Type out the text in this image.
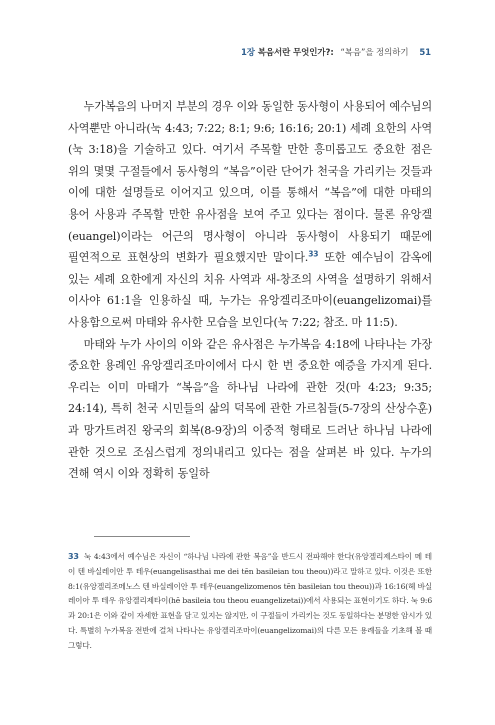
1장 복음서란 무엇인가?: “복음”을 정의하기 51

누가복음의 나머지 부분의 경우 이와 동일한 동사형이 사용되어 예수님의 사역뿐만 아니라(눅 4:43; 7:22; 8:1; 9:6; 16:16; 20:1) 세례 요한의 사역(눅 3:18)을 기술하고 있다. 여기서 주목할 만한 흥미롭고도 중요한 점은 위의 몇몇 구절들에서 동사형의 “복음”이란 단어가 천국을 가리키는 것들과 이에 대한 설명들로 이어지고 있으며, 이를 통해서 “복음”에 대한 마태의 용어 사용과 주목할 만한 유사점을 보여 주고 있다는 점이다. 물론 유앙겔(euangel)이라는 어근의 명사형이 아니라 동사형이 사용되기 때문에 필연적으로 표현상의 변화가 필요했지만 말이다.$^{33}$ 또한 예수님이 감옥에 있는 세례 요한에게 자신의 치유 사역과 새-창조의 사역을 설명하기 위해서 이사야 61:1을 인용하실 때, 누가는 유앙겔리조마이(euangelizomai)를 사용함으로써 마태와 유사한 모습을 보인다(눅 7:22; 참조. 마 11:5).

마태와 누가 사이의 이와 같은 유사점은 누가복음 4:18에 나타나는 가장 중요한 용례인 유앙겔리조마이에서 다시 한 번 중요한 예증을 가지게 된다. 우리는 이미 마태가 “복음”을 하나님 나라에 관한 것(마 4:23; 9:35; 24:14), 특히 천국 시민들의 삶의 덕목에 관한 가르침들(5-7장의 산상수훈)과 망가트려진 왕국의 회복(8-9장)의 이중적 형태로 드러난 하나님 나라에 관한 것으로 조심스럽게 정의내리고 있다는 점을 살펴본 바 있다. 누가의 견해 역시 이와 정확히 동일하

33 눅 4:43에서 예수님은 자신이 “하나님 나라에 관한 복음”을 반드시 전파해야 한다(유앙겔리제스타이 메 테이 텐 바실레이안 투 테우(euangelisasthai me dei tēn basileian tou theou))라고 말하고 있다. 이것은 또한 8:1(유앙겔리조메노스 텐 바실레이안 투 테우(euangelizomenos tēn basileian tou theou))과 16:16(헤 바실레이아 투 테우 유앙겔리제타이(hē basileia tou theou euangelizetai))에서 사용되는 표현이기도 하다. 눅 9:6과 20:1은 이와 같이 자세한 표현을 담고 있지는 않지만, 이 구절들이 가리키는 것도 동일하다는 분명한 암시가 있다. 특별히 누가복음 전반에 걸쳐 나타나는 유앙겔리조마이(euangelizomai)의 다른 모든 용례들을 기초해 볼 때 그렇다.
